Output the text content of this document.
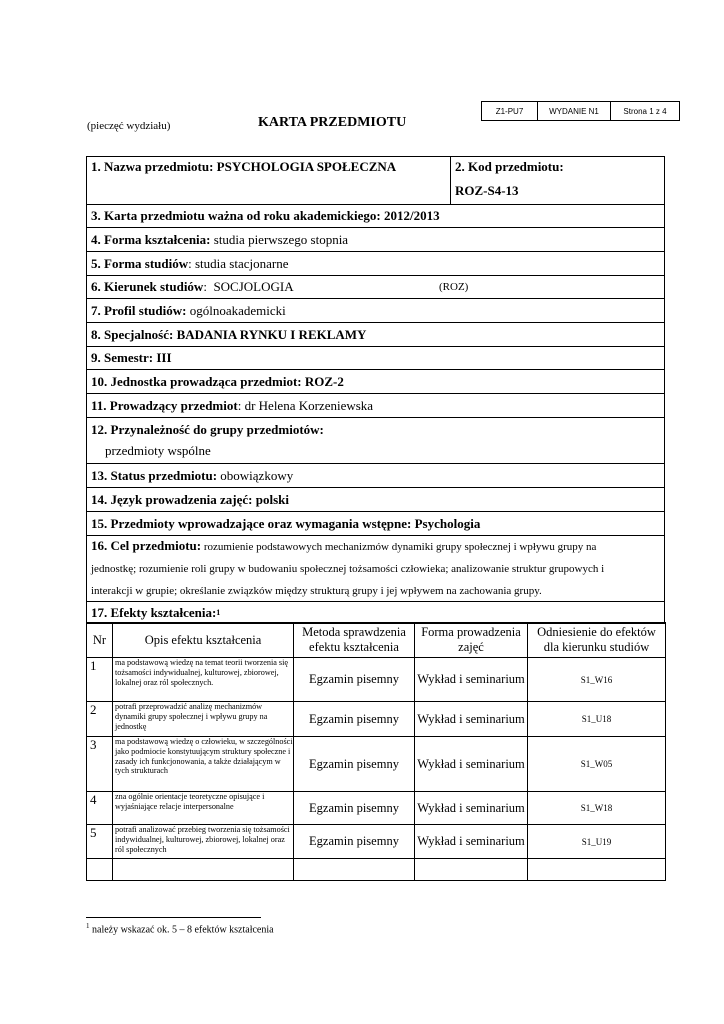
Z1-PU7	WYDANIE N1	Strona 1 z 4
(pieczęć wydziału)	KARTA PRZEDMIOTU
1. Nazwa przedmiotu: PSYCHOLOGIA SPOŁECZNA	2. Kod przedmiotu:
ROZ-S4-13
3. Karta przedmiotu ważna od roku akademickiego: 2012/2013
4. Forma kształcenia: studia pierwszego stopnia
5. Forma studiów : studia stacjonarne
6. Kierunek studiów :  SOCJOLOGIA	(ROZ)
7. Profil studiów: ogólnoakademicki
8. Specjalność: BADANIA RYNKU I REKLAMY
9. Semestr: III
10. Jednostka prowadząca przedmiot: ROZ-2
11. Prowadzący przedmiot : dr Helena Korzeniewska
12. Przynależność do grupy przedmiotów:
przedmioty wspólne
13. Status przedmiotu: obowiązkowy
14. Język prowadzenia zajęć: polski
15. Przedmioty wprowadzające oraz wymagania wstępne: Psychologia
16. Cel przedmiotu: rozumienie podstawowych mechanizmów dynamiki grupy społecznej i wpływu grupy na
jednostkę; rozumienie roli grupy w budowaniu społecznej tożsamości człowieka; analizowanie struktur grupowych i
interakcji w grupie; określanie związków między strukturą grupy i jej wpływem na zachowania grupy.
17. Efekty kształcenia: 1
Nr	Opis efektu kształcenia	Metoda sprawdzenia efektu kształcenia	Forma prowadzenia zajęć	Odniesienie do efektów dla kierunku studiów
1	ma podstawową wiedzę na temat teorii tworzenia się tożsamości indywidualnej, kulturowej, zbiorowej, lokalnej oraz ról społecznych.	Egzamin pisemny	Wykład i seminarium	S1_W16
2	potrafi przeprowadzić analizę mechanizmów dynamiki grupy społecznej i wpływu grupy na jednostkę	Egzamin pisemny	Wykład i seminarium	S1_U18
3	ma podstawową wiedzę o człowieku, w szczególności jako podmiocie konstytuującym struktury społeczne i zasady ich funkcjonowania, a także działającym w tych strukturach	Egzamin pisemny	Wykład i seminarium	S1_W05
4	zna ogólnie orientacje teoretyczne opisujące i wyjaśniające relacje interpersonalne	Egzamin pisemny	Wykład i seminarium	S1_W18
5	potrafi analizować przebieg tworzenia się tożsamości indywidualnej, kulturowej, zbiorowej, lokalnej oraz ról społecznych	Egzamin pisemny	Wykład i seminarium	S1_U19

$^1$ należy wskazać ok. 5 – 8 efektów kształcenia
